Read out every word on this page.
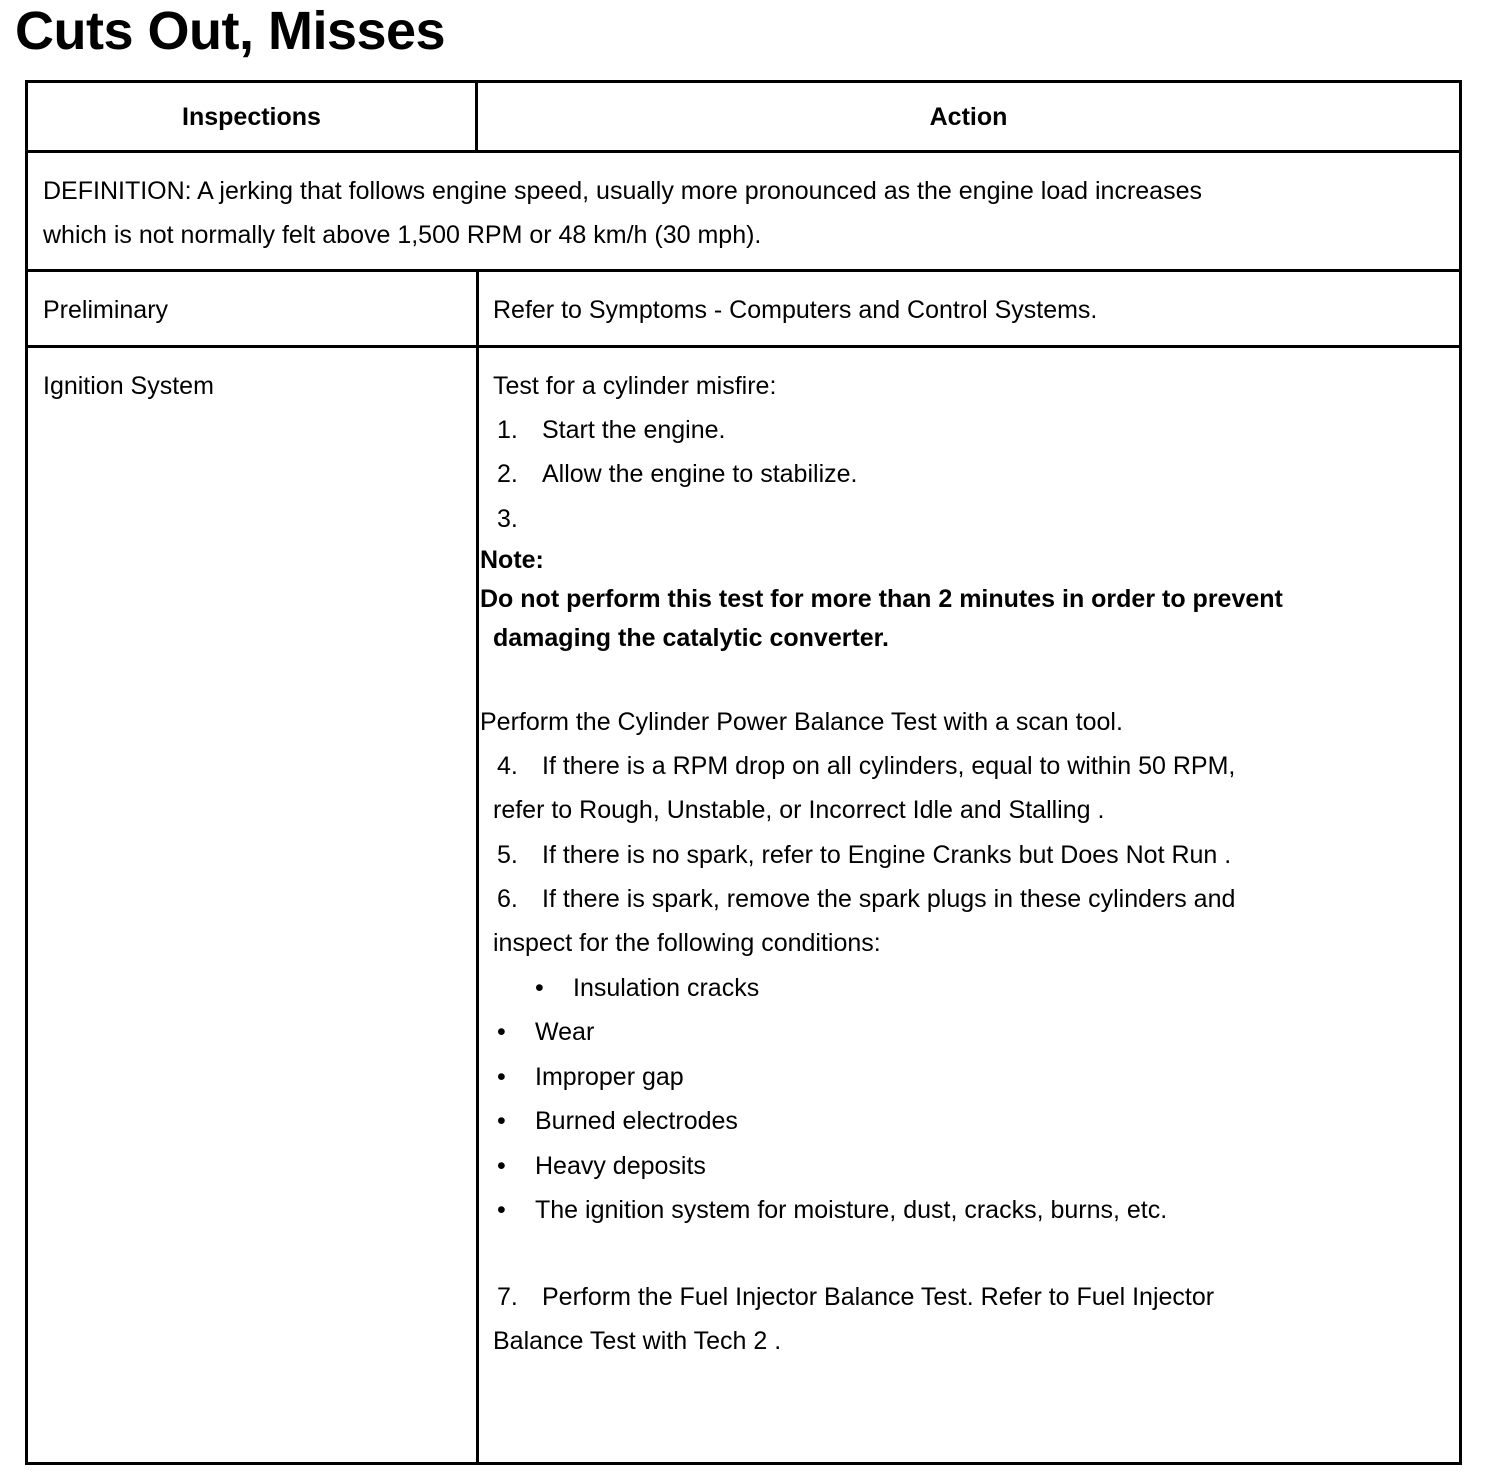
Cuts Out, Misses
Inspections	Action
DEFINITION: A jerking that follows engine speed, usually more pronounced as the engine load increases
which is not normally felt above 1,500 RPM or 48 km/h (30 mph).
Preliminary	Refer to Symptoms - Computers and Control Systems.
Ignition System	Test for a cylinder misfire:
1. Start the engine.
2. Allow the engine to stabilize.
3.
Note:
Do not perform this test for more than 2 minutes in order to prevent
damaging the catalytic converter.
Perform the Cylinder Power Balance Test with a scan tool.
4. If there is a RPM drop on all cylinders, equal to within 50 RPM,
refer to Rough, Unstable, or Incorrect Idle and Stalling .
5. If there is no spark, refer to Engine Cranks but Does Not Run .
6. If there is spark, remove the spark plugs in these cylinders and
inspect for the following conditions:
• Insulation cracks
• Wear
• Improper gap
• Burned electrodes
• Heavy deposits
• The ignition system for moisture, dust, cracks, burns, etc.
7. Perform the Fuel Injector Balance Test. Refer to Fuel Injector
Balance Test with Tech 2 .
